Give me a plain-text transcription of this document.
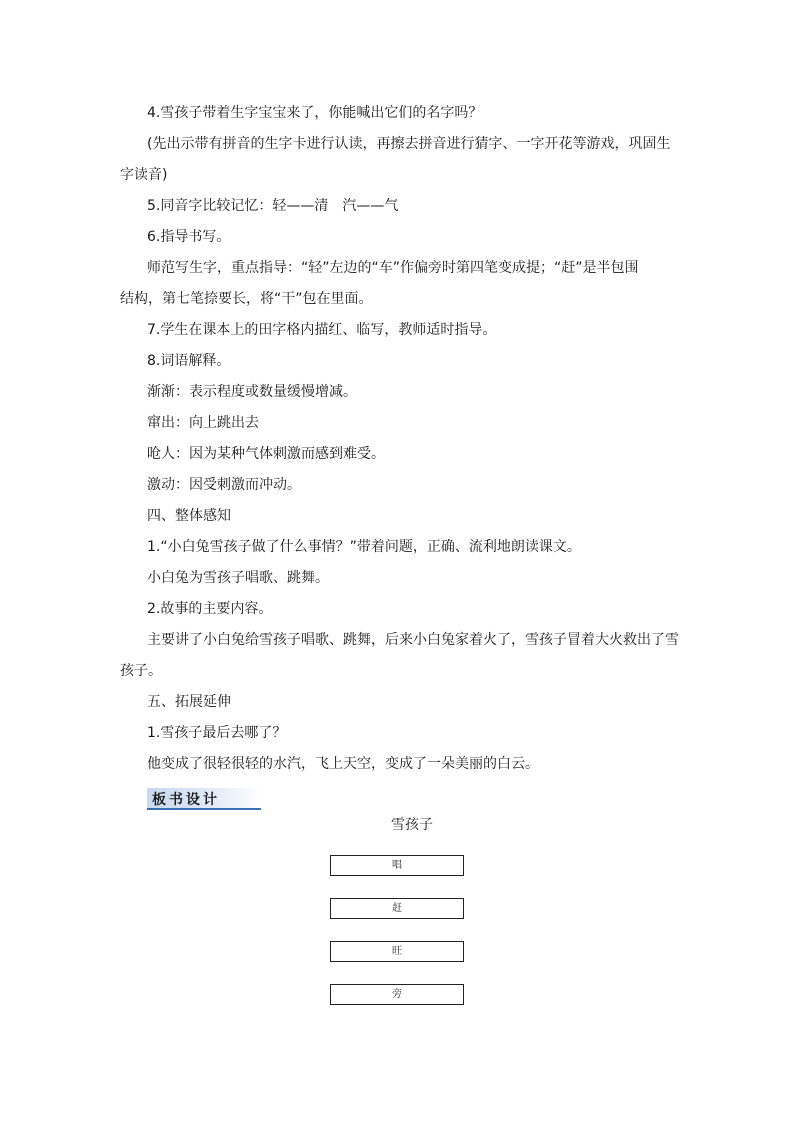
4.雪孩子带着生字宝宝来了，你能喊出它们的名字吗？
(先出示带有拼音的生字卡进行认读，再擦去拼音进行猜字、一字开花等游戏，巩固生
字读音)
5.同音字比较记忆：轻——清　汽——气
6.指导书写。
师范写生字，重点指导：“轻”左边的“车”作偏旁时第四笔变成提；“赶”是半包围
结构，第七笔捺要长，将“干”包在里面。
7.学生在课本上的田字格内描红、临写，教师适时指导。
8.词语解释。
渐渐：表示程度或数量缓慢增减。
窜出：向上跳出去
呛人：因为某种气体刺激而感到难受。
激动：因受刺激而冲动。
四、整体感知
1.“小白兔雪孩子做了什么事情？”带着问题，正确、流利地朗读课文。
小白兔为雪孩子唱歌、跳舞。
2.故事的主要内容。
主要讲了小白兔给雪孩子唱歌、跳舞，后来小白兔家着火了，雪孩子冒着大火救出了雪
孩子。
五、拓展延伸
1.雪孩子最后去哪了？
他变成了很轻很轻的水汽，飞上天空，变成了一朵美丽的白云。
板书设计
雪孩子
唱
赶
旺
旁
